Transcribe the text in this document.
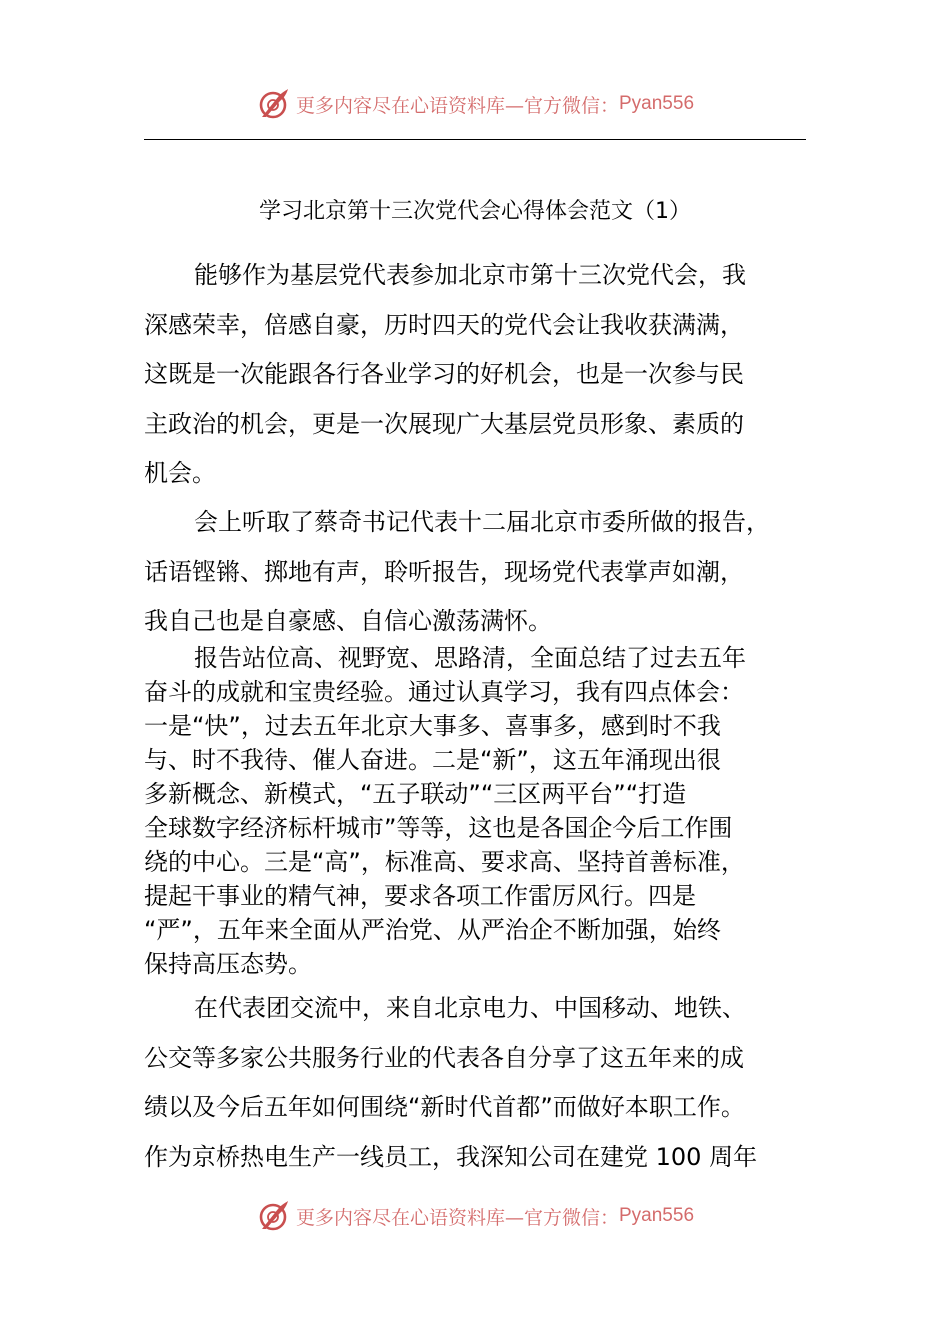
更多内容尽在心语资料库—官方微信： Pyan556
学习北京第十三次党代会心得体会范文（1）
能够作为基层党代表参加北京市第十三次党代会，我
深感荣幸，倍感自豪，历时四天的党代会让我收获满满，
这既是一次能跟各行各业学习的好机会，也是一次参与民
主政治的机会，更是一次展现广大基层党员形象、素质的
机会。
会上听取了蔡奇书记代表十二届北京市委所做的报告，
话语铿锵、掷地有声，聆听报告，现场党代表掌声如潮，
我自己也是自豪感、自信心激荡满怀。
报告站位高、视野宽、思路清，全面总结了过去五年
奋斗的成就和宝贵经验。通过认真学习，我有四点体会：
一是“快”，过去五年北京大事多、喜事多，感到时不我
与、时不我待、催人奋进。二是“新”，这五年涌现出很
多新概念、新模式，“五子联动”“三区两平台”“打造
全球数字经济标杆城市”等等，这也是各国企今后工作围
绕的中心。三是“高”，标准高、要求高、坚持首善标准，
提起干事业的精气神，要求各项工作雷厉风行。四是
“严”，五年来全面从严治党、从严治企不断加强，始终
保持高压态势。
在代表团交流中，来自北京电力、中国移动、地铁、
公交等多家公共服务行业的代表各自分享了这五年来的成
绩以及今后五年如何围绕“新时代首都”而做好本职工作。
作为京桥热电生产一线员工，我深知公司在建党 100 周年
更多内容尽在心语资料库—官方微信： Pyan556
